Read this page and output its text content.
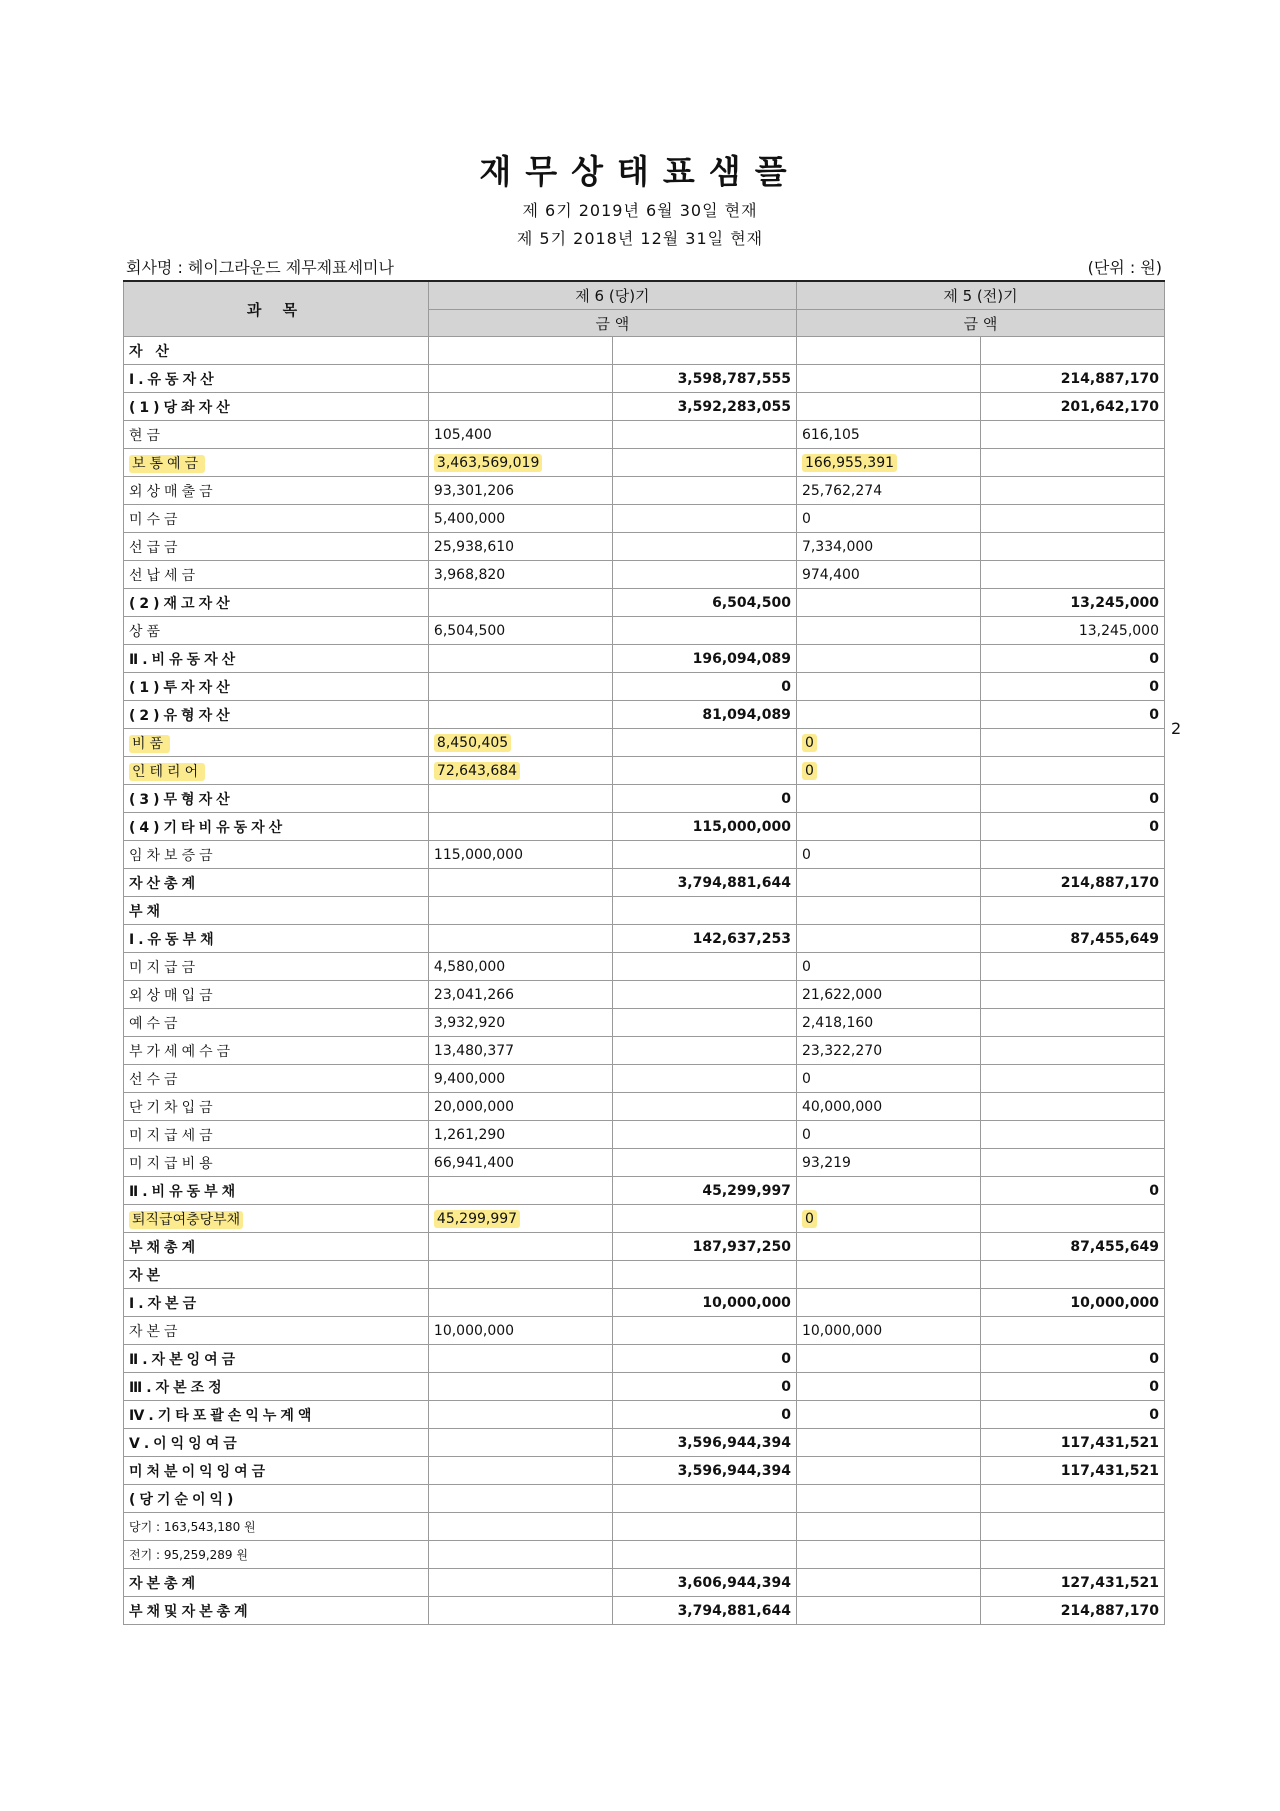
재무상태표샘플
제 6기 2019년 6월 30일 현재
제 5기 2018년 12월 31일 현재
회사명 : 헤이그라운드 제무제표세미나	(단위 : 원)
2
과 목	제 6 (당)기		제 5 (전)기	
	금 액		금 액	
자 산				
Ⅰ.유동자산		3,598,787,555		214,887,170
(1)당좌자산		3,592,283,055		201,642,170
현금	105,400		616,105	
보통예금	3,463,569,019		166,955,391	
외상매출금	93,301,206		25,762,274	
미수금	5,400,000		0	
선급금	25,938,610		7,334,000	
선납세금	3,968,820		974,400	
(2)재고자산		6,504,500		13,245,000
상품	6,504,500			13,245,000
Ⅱ.비유동자산		196,094,089		0
(1)투자자산		0		0
(2)유형자산		81,094,089		0
비품	8,450,405		0	
인테리어	72,643,684		0	
(3)무형자산		0		0
(4)기타비유동자산		115,000,000		0
임차보증금	115,000,000		0	
자산총계		3,794,881,644		214,887,170
부채				
Ⅰ.유동부채		142,637,253		87,455,649
미지급금	4,580,000		0	
외상매입금	23,041,266		21,622,000	
예수금	3,932,920		2,418,160	
부가세예수금	13,480,377		23,322,270	
선수금	9,400,000		0	
단기차입금	20,000,000		40,000,000	
미지급세금	1,261,290		0	
미지급비용	66,941,400		93,219	
Ⅱ.비유동부채		45,299,997		0
퇴직급여충당부채	45,299,997		0	
부채총계		187,937,250		87,455,649
자본				
Ⅰ.자본금		10,000,000		10,000,000
자본금	10,000,000		10,000,000	
Ⅱ.자본잉여금		0		0
Ⅲ.자본조정		0		0
Ⅳ.기타포괄손익누계액		0		0
Ⅴ.이익잉여금		3,596,944,394		117,431,521
미처분이익잉여금		3,596,944,394		117,431,521
(당기순이익)				
당기 : 163,543,180 원				
전기 : 95,259,289 원				
자본총계		3,606,944,394		127,431,521
부채및자본총계		3,794,881,644		214,887,170
